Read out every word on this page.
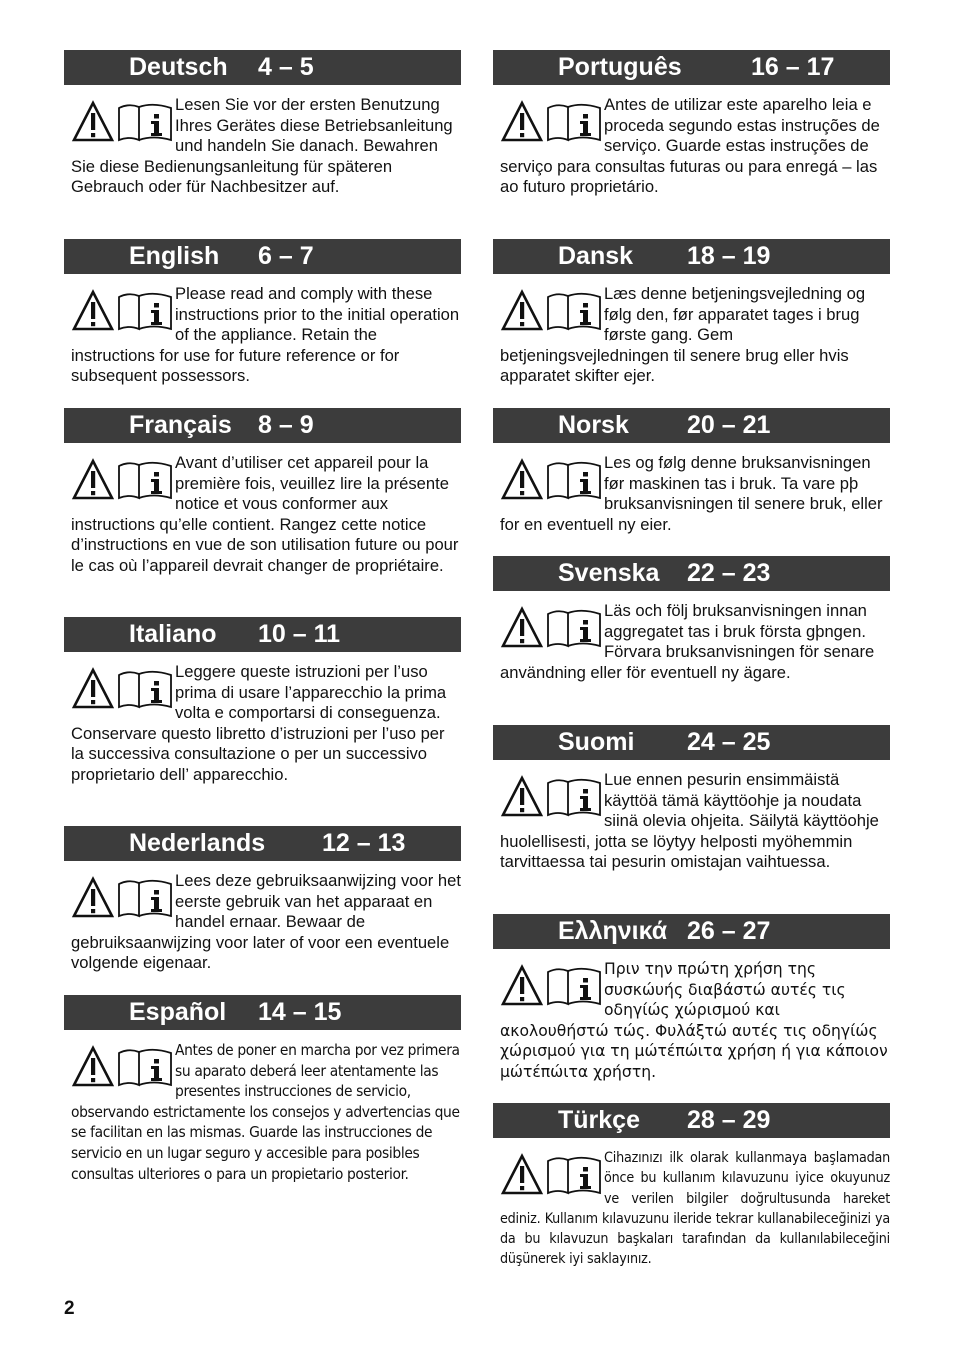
Deutsch 4 – 5

Lesen Sie vor der ersten Benutzung Ihres Gerätes diese Betriebsanleitung und handeln Sie danach. Bewahren Sie diese Bedienungsanleitung für späteren Gebrauch oder für Nachbesitzer auf.

English 6 – 7

Please read and comply with these instructions prior to the initial operation of the appliance. Retain the instructions for use for future reference or for subsequent possessors.

Français 8 – 9

Avant d’utiliser cet appareil pour la première fois, veuillez lire la présente notice et vous conformer aux instructions qu’elle contient. Rangez cette notice d’instructions en vue de son utilisation future ou pour le cas où l’appareil devrait changer de propriétaire.

Italiano 10 – 11

Leggere queste istruzioni per l’uso prima di usare l’apparecchio la prima volta e comportarsi di conseguenza. Conservare questo libretto d’istruzioni per l’uso per la successiva consultazione o per un successivo proprietario dell’ apparecchio.

Nederlands 12 – 13

Lees deze gebruiksaanwijzing voor het eerste gebruik van het apparaat en handel ernaar. Bewaar de gebruiksaanwijzing voor later of voor een eventuele volgende eigenaar.

Español 14 – 15

Antes de poner en marcha por vez primera su aparato deberá leer atentamente las presentes instrucciones de servicio, observando estrictamente los consejos y advertencias que se facilitan en las mismas. Guarde las instrucciones de servicio en un lugar seguro y accesible para posibles consultas ulteriores o para un propietario posterior.

Português	16 – 17

Antes de utilizar este aparelho leia e proceda segundo estas instruções de serviço. Guarde estas instruções de serviço para consultas futuras ou para enregá – las ao futuro proprietário.

Dansk 18 – 19

Læs denne betjeningsvejledning og følg den, før apparatet tages i brug første gang. Gem betjeningsvejledningen til senere brug eller hvis apparatet skifter ejer.

Norsk 20 – 21

Les og følg denne bruksanvisningen før maskinen tas i bruk. Ta vare pþ bruksanvisningen til senere bruk, eller for en eventuell ny eier.

Svenska 22 – 23

Läs och följ bruksanvisningen innan aggregatet tas i bruk första gþngen. Förvara bruksanvisningen för senare användning eller för eventuell ny ägare.

Suomi 24 – 25

Lue ennen pesurin ensimmäistä käyttöä tämä käyttöohje ja noudata siinä olevia ohjeita. Säilytä käyttöohje huolellisesti, jotta se löytyy helposti myöhemmin tarvittaessa tai pesurin omistajan vaihtuessa.

Ελληνικά 26 – 27

Πριν την πρώτη χρήση της συσκώυής διαβάστώ αυτές τις οδηγίώς χώρισμού και ακολουθήστώ τώς. Φυλάξτώ αυτές τις οδηγίώς χώρισμού για τη μώτέπώιτα χρήση ή για κάποιον μώτέπώιτα χρήστη.

Türkçe 28 – 29

Cihazınızı ilk olarak kullanmaya başlamadan önce bu kullanım kılavuzunu iyice okuyunuz ve verilen bilgiler doğrultusunda hareket ediniz. Kullanım kılavuzunu ileride tekrar kullanabileceğinizi ya da bu kılavuzun başkaları tarafından da kullanılabileceğini düşünerek iyi saklayınız.

2
